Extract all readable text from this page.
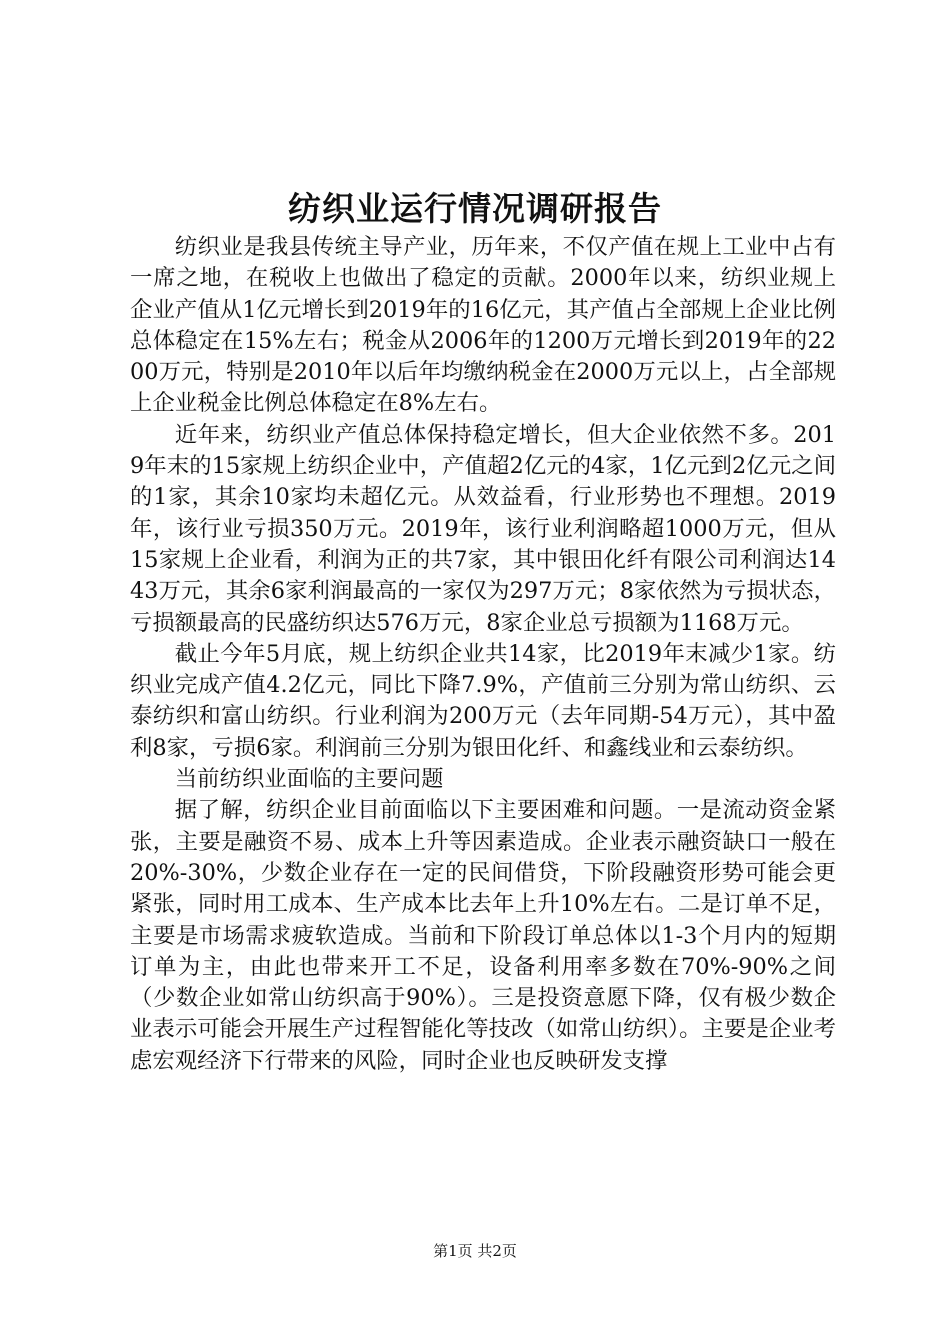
纺织业运行情况调研报告

纺织业是我县传统主导产业，历年来，不仅产值在规上工业中占有一席之地，在税收上也做出了稳定的贡献。2000年以来，纺织业规上企业产值从1亿元增长到2019年的16亿元，其产值占全部规上企业比例总体稳定在15%左右；税金从2006年的1200万元增长到2019年的2200万元，特别是2010年以后年均缴纳税金在2000万元以上，占全部规上企业税金比例总体稳定在8%左右。

近年来，纺织业产值总体保持稳定增长，但大企业依然不多。2019年末的15家规上纺织企业中，产值超2亿元的4家，1亿元到2亿元之间的1家，其余10家均未超亿元。从效益看，行业形势也不理想。2019年，该行业亏损350万元。2019年，该行业利润略超1000万元，但从15家规上企业看，利润为正的共7家，其中银田化纤有限公司利润达1443万元，其余6家利润最高的一家仅为297万元；8家依然为亏损状态，亏损额最高的民盛纺织达576万元，8家企业总亏损额为1168万元。

截止今年5月底，规上纺织企业共14家，比2019年末减少1家。纺织业完成产值4.2亿元，同比下降7.9%，产值前三分别为常山纺织、云泰纺织和富山纺织。行业利润为200万元（去年同期-54万元），其中盈利8家，亏损6家。利润前三分别为银田化纤、和鑫线业和云泰纺织。

当前纺织业面临的主要问题

据了解，纺织企业目前面临以下主要困难和问题。一是流动资金紧张，主要是融资不易、成本上升等因素造成。企业表示融资缺口一般在20%-30%，少数企业存在一定的民间借贷，下阶段融资形势可能会更紧张，同时用工成本、生产成本比去年上升10%左右。二是订单不足，主要是市场需求疲软造成。当前和下阶段订单总体以1-3个月内的短期订单为主，由此也带来开工不足，设备利用率多数在70%-90%之间（少数企业如常山纺织高于90%）。三是投资意愿下降，仅有极少数企业表示可能会开展生产过程智能化等技改（如常山纺织）。主要是企业考虑宏观经济下行带来的风险，同时企业也反映研发支撑

第1页 共2页
